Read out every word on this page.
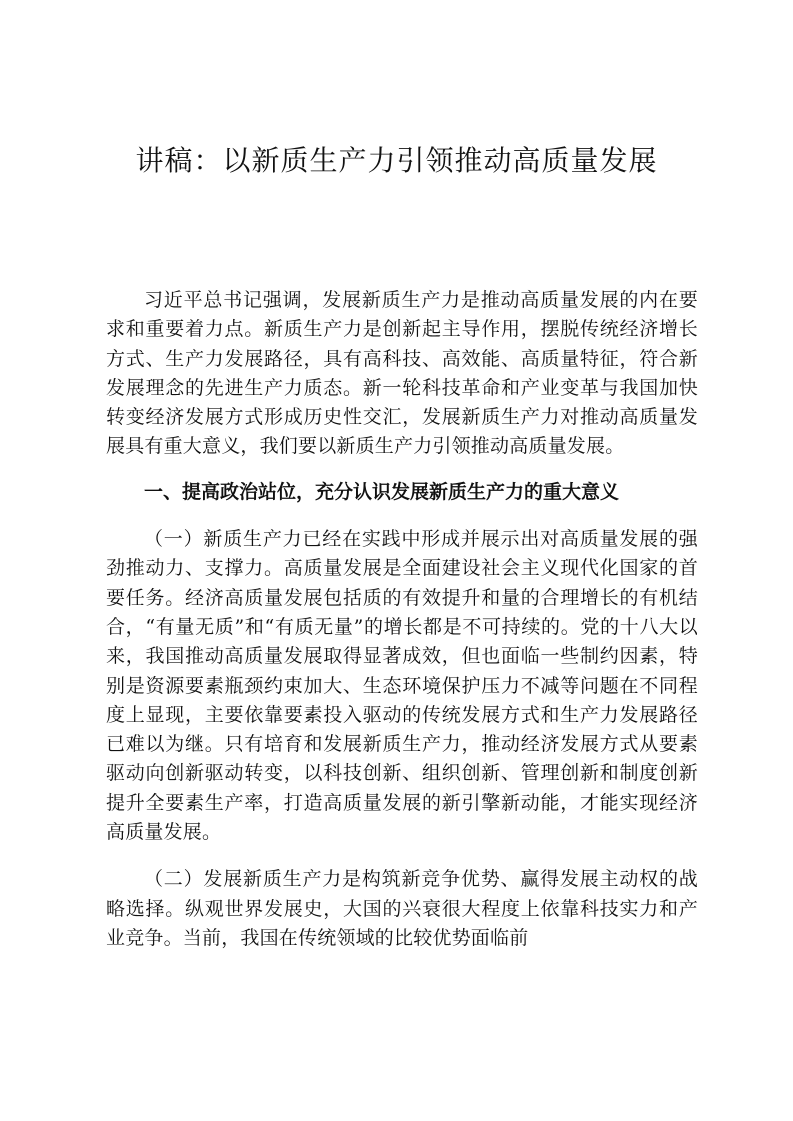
讲稿：以新质生产力引领推动高质量发展

习近平总书记强调，发展新质生产力是推动高质量发展的内在要求和重要着力点。新质生产力是创新起主导作用，摆脱传统经济增长方式、生产力发展路径，具有高科技、高效能、高质量特征，符合新发展理念的先进生产力质态。新一轮科技革命和产业变革与我国加快转变经济发展方式形成历史性交汇，发展新质生产力对推动高质量发展具有重大意义，我们要以新质生产力引领推动高质量发展。

一、提高政治站位，充分认识发展新质生产力的重大意义

（一）新质生产力已经在实践中形成并展示出对高质量发展的强劲推动力、支撑力。高质量发展是全面建设社会主义现代化国家的首要任务。经济高质量发展包括质的有效提升和量的合理增长的有机结合，“有量无质”和“有质无量”的增长都是不可持续的。党的十八大以来，我国推动高质量发展取得显著成效，但也面临一些制约因素，特别是资源要素瓶颈约束加大、生态环境保护压力不减等问题在不同程度上显现，主要依靠要素投入驱动的传统发展方式和生产力发展路径已难以为继。只有培育和发展新质生产力，推动经济发展方式从要素驱动向创新驱动转变，以科技创新、组织创新、管理创新和制度创新提升全要素生产率，打造高质量发展的新引擎新动能，才能实现经济高质量发展。

（二）发展新质生产力是构筑新竞争优势、赢得发展主动权的战略选择。纵观世界发展史，大国的兴衰很大程度上依靠科技实力和产业竞争。当前，我国在传统领域的比较优势面临前
